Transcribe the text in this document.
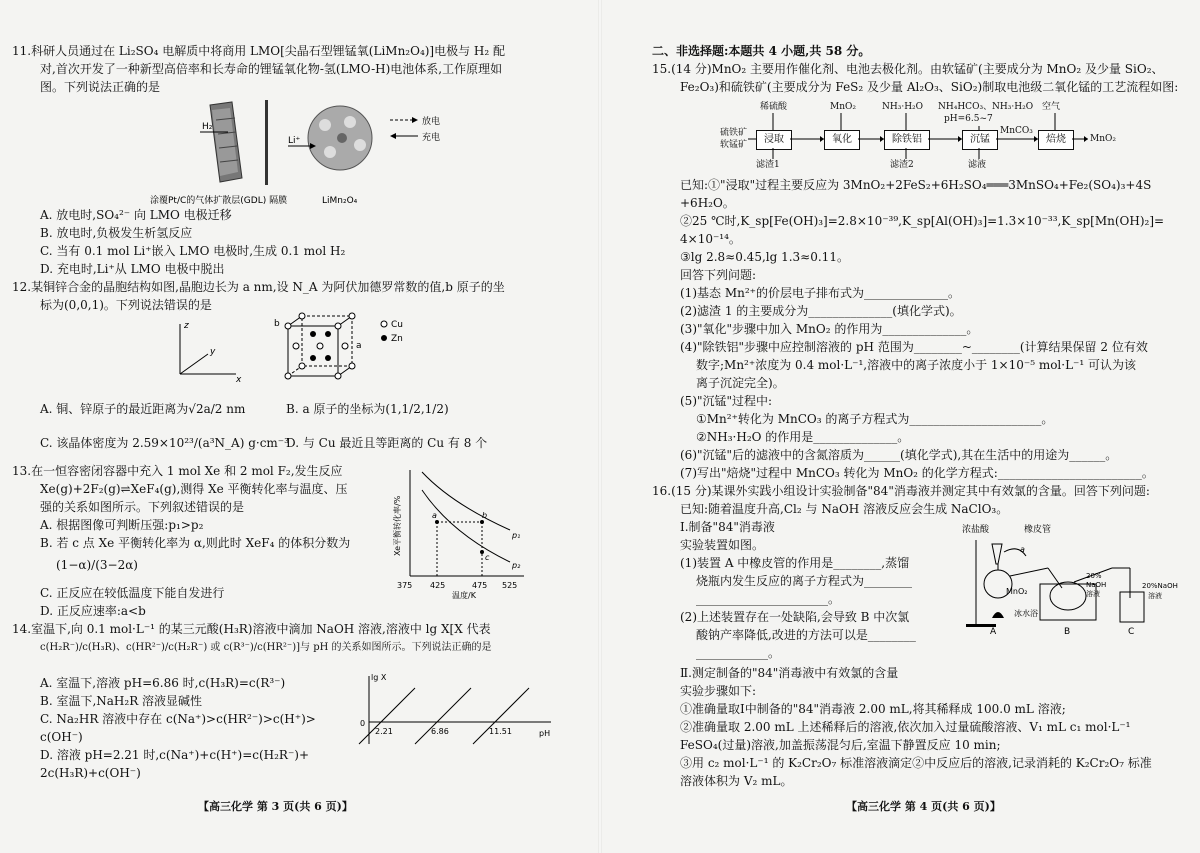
11.科研人员通过在 Li₂SO₄ 电解质中将商用 LMO[尖晶石型锂锰氧(LiMn₂O₄)]电极与 H₂ 配
对,首次开发了一种新型高倍率和长寿命的锂锰氧化物-氢(LMO-H)电池体系,工作原理如
图。下列说法正确的是
H₂
Li⁺
放电
充电
涂覆Pt/C的气体扩散层(GDL) 隔膜	LiMn₂O₄
A. 放电时,SO₄²⁻ 向 LMO 电极迁移
B. 放电时,负极发生析氢反应
C. 当有 0.1 mol Li⁺嵌入 LMO 电极时,生成 0.1 mol H₂
D. 充电时,Li⁺从 LMO 电极中脱出
12.某铜锌合金的晶胞结构如图,晶胞边长为 a nm,设 N_A 为阿伏加德罗常数的值,b 原子的坐
标为(0,0,1)。下列说法错误的是
z
y
x
b
a
Cu
Zn
A. 铜、锌原子的最近距离为√2a/2 nm	B. a 原子的坐标为(1,1/2,1/2)
C. 该晶体密度为 2.59×10²³/(a³N_A) g·cm⁻³
D. 与 Cu 最近且等距离的 Cu 有 8 个
13.在一恒容密闭容器中充入 1 mol Xe 和 2 mol F₂,发生反应
Xe(g)+2F₂(g)⇌XeF₄(g),测得 Xe 平衡转化率与温度、压
强的关系如图所示。下列叙述错误的是
A. 根据图像可判断压强:p₁>p₂
B. 若 c 点 Xe 平衡转化率为 α,则此时 XeF₄ 的体积分数为
(1−α)/(3−2α)
C. 正反应在较低温度下能自发进行
D. 正反应速率:a<b
Xe平衡转化率/%	a	b
c
p₁
p₂
375 425	475 525
温度/K
14.室温下,向 0.1 mol·L⁻¹ 的某三元酸(H₃R)溶液中滴加 NaOH 溶液,溶液中 lg X[X 代表
c(H₂R⁻)/c(H₃R)、c(HR²⁻)/c(H₂R⁻) 或 c(R³⁻)/c(HR²⁻)]与 pH 的关系如图所示。下列说法正确的是
A. 室温下,溶液 pH=6.86 时,c(H₃R)=c(R³⁻)
B. 室温下,NaH₂R 溶液显碱性
C. Na₂HR 溶液中存在 c(Na⁺)>c(HR²⁻)>c(H⁺)>
c(OH⁻)
D. 溶液 pH=2.21 时,c(Na⁺)+c(H⁺)=c(H₂R⁻)+
2c(H₃R)+c(OH⁻)
lg X
pH
0
2.21	6.86	11.51
【高三化学 第 3 页(共 6 页)】
二、非选择题:本题共 4 小题,共 58 分。
15.(14 分)MnO₂ 主要用作催化剂、电池去极化剂。由软锰矿(主要成分为 MnO₂ 及少量 SiO₂、
Fe₂O₃)和硫铁矿(主要成分为 FeS₂ 及少量 Al₂O₃、SiO₂)制取电池级二氧化锰的工艺流程如图:
硫铁矿
软锰矿
稀硫酸	MnO₂	NH₃·H₂O NH₄HCO₃、NH₃·H₂O
pH=6.5~7
空气
浸取	氧化	除铁铝	沉锰	焙烧
MnCO₃
MnO₂
滤渣1	滤渣2	滤液
已知:①"浸取"过程主要反应为 3MnO₂+2FeS₂+6H₂SO₄═══3MnSO₄+Fe₂(SO₄)₃+4S
+6H₂O。
②25 ℃时,K_sp[Fe(OH)₃]=2.8×10⁻³⁹,K_sp[Al(OH)₃]=1.3×10⁻³³,K_sp[Mn(OH)₂]=
4×10⁻¹⁴。
③lg 2.8≈0.45,lg 1.3≈0.11。
回答下列问题:
(1)基态 Mn²⁺的价层电子排布式为______________。
(2)滤渣 1 的主要成分为______________(填化学式)。
(3)"氧化"步骤中加入 MnO₂ 的作用为______________。
(4)"除铁铝"步骤中应控制溶液的 pH 范围为________~________(计算结果保留 2 位有效
数字;Mn²⁺浓度为 0.4 mol·L⁻¹,溶液中的离子浓度小于 1×10⁻⁵ mol·L⁻¹ 可认为该
离子沉淀完全)。
(5)"沉锰"过程中:
①Mn²⁺转化为 MnCO₃ 的离子方程式为______________________。
②NH₃·H₂O 的作用是______________。
(6)"沉锰"后的滤液中的含氮溶质为______(填化学式),其在生活中的用途为______。
(7)写出"焙烧"过程中 MnCO₃ 转化为 MnO₂ 的化学方程式:________________________。
16.(15 分)某课外实践小组设计实验制备"84"消毒液并测定其中有效氯的含量。回答下列问题:
已知:随着温度升高,Cl₂ 与 NaOH 溶液反应会生成 NaClO₃。
Ⅰ.制备"84"消毒液
实验装置如图。
(1)装置 A 中橡皮管的作用是________,蒸馏
烧瓶内发生反应的离子方程式为________
______________________。
(2)上述装置存在一处缺陷,会导致 B 中次氯
酸钠产率降低,改进的方法可以是________
____________。
浓盐酸	橡皮管
a
MnO₂
A
20%
NaOH
溶液
冰水浴
B
20%NaOH
溶液
C
Ⅱ.测定制备的"84"消毒液中有效氯的含量
实验步骤如下:
①准确量取Ⅰ中制备的"84"消毒液 2.00 mL,将其稀释成 100.0 mL 溶液;
②准确量取 2.00 mL 上述稀释后的溶液,依次加入过量硫酸溶液、V₁ mL c₁ mol·L⁻¹
FeSO₄(过量)溶液,加盖振荡混匀后,室温下静置反应 10 min;
③用 c₂ mol·L⁻¹ 的 K₂Cr₂O₇ 标准溶液滴定②中反应后的溶液,记录消耗的 K₂Cr₂O₇ 标准
溶液体积为 V₂ mL。
【高三化学 第 4 页(共 6 页)】
